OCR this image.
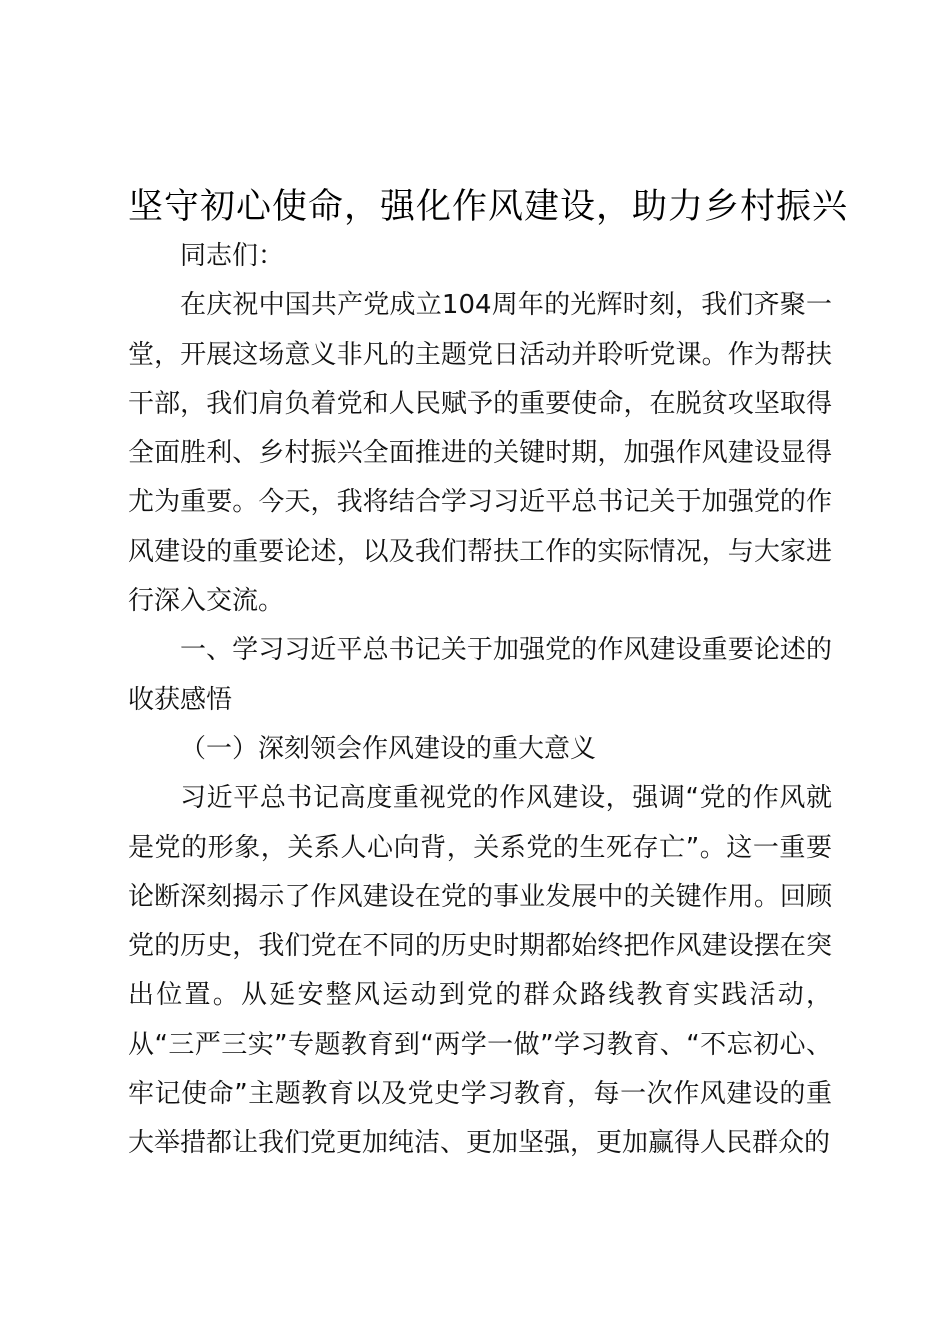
坚守初心使命，强化作风建设，助力乡村振兴

同志们：

在庆祝中国共产党成立104周年的光辉时刻，我们齐聚一堂，开展这场意义非凡的主题党日活动并聆听党课。作为帮扶干部，我们肩负着党和人民赋予的重要使命，在脱贫攻坚取得全面胜利、乡村振兴全面推进的关键时期，加强作风建设显得尤为重要。今天，我将结合学习习近平总书记关于加强党的作风建设的重要论述，以及我们帮扶工作的实际情况，与大家进行深入交流。

一、学习习近平总书记关于加强党的作风建设重要论述的收获感悟

（一）深刻领会作风建设的重大意义

习近平总书记高度重视党的作风建设，强调“党的作风就是党的形象，关系人心向背，关系党的生死存亡”。这一重要论断深刻揭示了作风建设在党的事业发展中的关键作用。回顾党的历史，我们党在不同的历史时期都始终把作风建设摆在突出位置。从延安整风运动到党的群众路线教育实践活动，从“三严三实”专题教育到“两学一做”学习教育、“不忘初心、牢记使命”主题教育以及党史学习教育，每一次作风建设的重大举措都让我们党更加纯洁、更加坚强，更加赢得人民群众的
